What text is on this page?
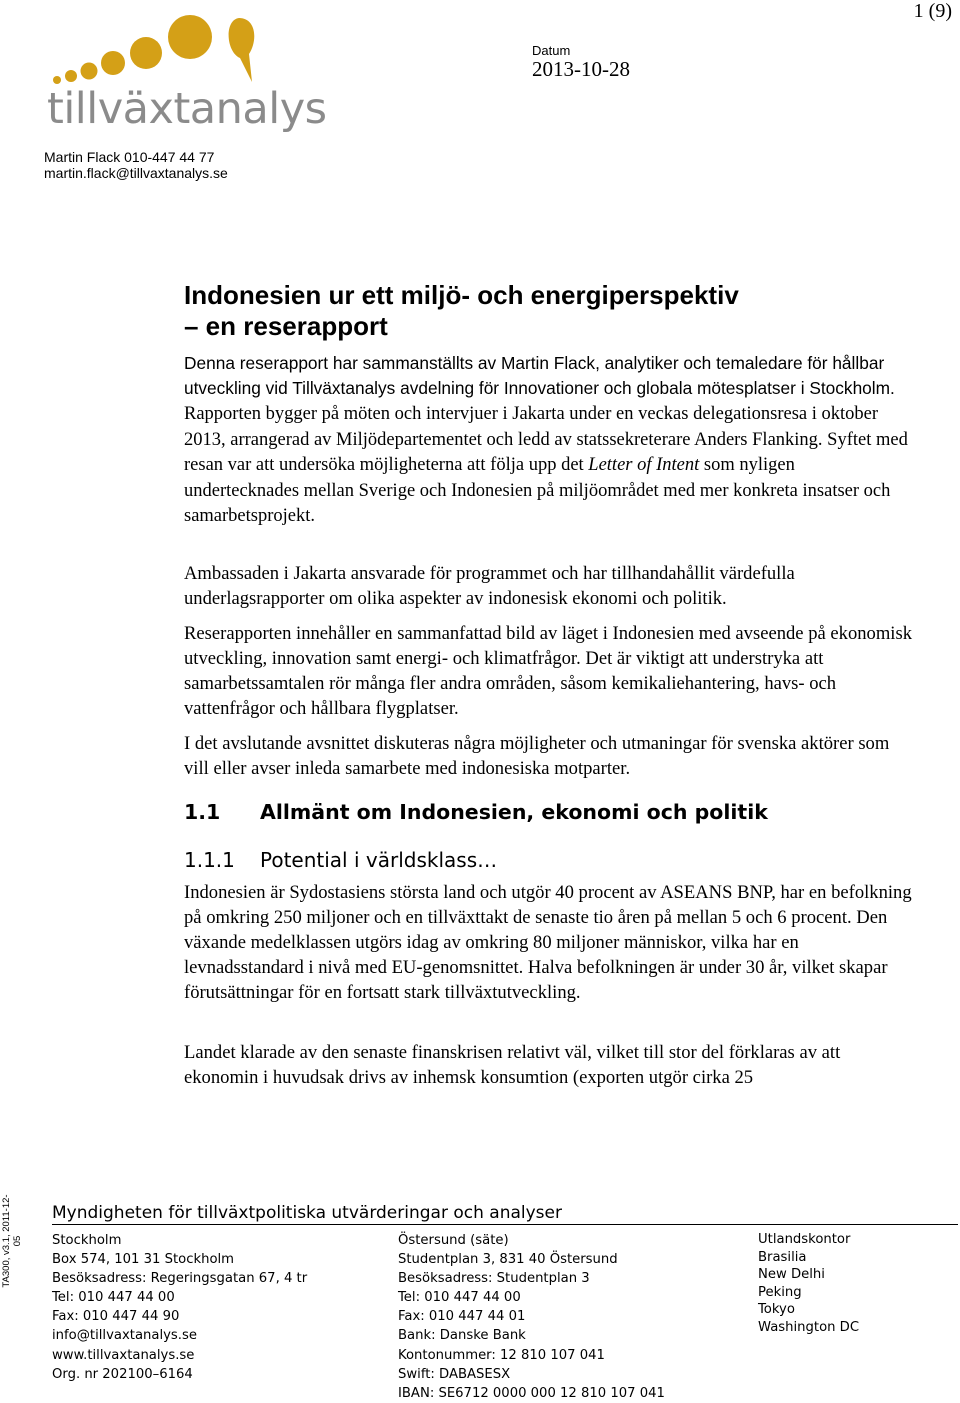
1 (9)
tillväxtanalys
Martin Flack 010-447 44 77
martin.flack@tillvaxtanalys.se
Datum
2013-10-28
Indonesien ur ett miljö- och energiperspektiv
– en reserapport
Denna reserapport har sammanställts av Martin Flack, analytiker och temaledare för hållbar utveckling vid Tillväxtanalys avdelning för Innovationer och globala mötesplatser i Stockholm. Rapporten bygger på möten och intervjuer i Jakarta under en veckas delegationsresa i oktober 2013, arrangerad av Miljödepartementet och ledd av statssekreterare Anders Flanking. Syftet med resan var att undersöka möjligheterna att följa upp det Letter of Intent som nyligen undertecknades mellan Sverige och Indonesien på miljöområdet med mer konkreta insatser och samarbetsprojekt.
Ambassaden i Jakarta ansvarade för programmet och har tillhandahållit värdefulla underlagsrapporter om olika aspekter av indonesisk ekonomi och politik.
Reserapporten innehåller en sammanfattad bild av läget i Indonesien med avseende på ekonomisk utveckling, innovation samt energi- och klimatfrågor. Det är viktigt att understryka att samarbetssamtalen rör många fler andra områden, såsom kemikaliehantering, havs- och vattenfrågor och hållbara flygplatser.
I det avslutande avsnittet diskuteras några möjligheter och utmaningar för svenska aktörer som vill eller avser inleda samarbete med indonesiska motparter.
1.1 Allmänt om Indonesien, ekonomi och politik
1.1.1 Potential i världsklass…
Indonesien är Sydostasiens största land och utgör 40 procent av ASEANS BNP, har en befolkning på omkring 250 miljoner och en tillväxttakt de senaste tio åren på mellan 5 och 6 procent. Den växande medelklassen utgörs idag av omkring 80 miljoner människor, vilka har en levnadsstandard i nivå med EU-genomsnittet. Halva befolkningen är under 30 år, vilket skapar förutsättningar för en fortsatt stark tillväxtutveckling.
Landet klarade av den senaste finanskrisen relativt väl, vilket till stor del förklaras av att ekonomin i huvudsak drivs av inhemsk konsumtion (exporten utgör cirka 25
TA300, v3.1, 2011-12-05
Myndigheten för tillväxtpolitiska utvärderingar och analyser
Stockholm
Box 574, 101 31 Stockholm
Besöksadress: Regeringsgatan 67, 4 tr
Tel: 010 447 44 00
Fax: 010 447 44 90
info@tillvaxtanalys.se
www.tillvaxtanalys.se
Org. nr 202100–6164
Östersund (säte)
Studentplan 3, 831 40 Östersund
Besöksadress: Studentplan 3
Tel: 010 447 44 00
Fax: 010 447 44 01
Bank: Danske Bank
Kontonummer: 12 810 107 041
Swift: DABASESX
IBAN: SE6712 0000 000 12 810 107 041
Utlandskontor
Brasilia
New Delhi
Peking
Tokyo
Washington DC
